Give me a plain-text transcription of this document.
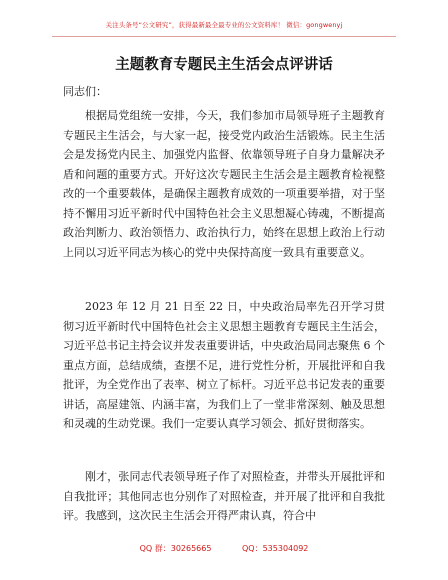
关注头条号“公文研究”，获得最新最全最专业的公文资料库！ 微信：gongwenyj
主题教育专题民主生活会点评讲话
同志们：

根据局党组统一安排，今天，我们参加市局领导班子主题教育专题民主生活会，与大家一起，接受党内政治生活锻炼。民主生活会是发扬党内民主、加强党内监督、依靠领导班子自身力量解决矛盾和问题的重要方式。开好这次专题民主生活会是主题教育检视整改的一个重要载体，是确保主题教育成效的一项重要举措，对于坚持不懈用习近平新时代中国特色社会主义思想凝心铸魂，不断提高政治判断力、政治领悟力、政治执行力，始终在思想上政治上行动上同以习近平同志为核心的党中央保持高度一致具有重要意义。

2023 年 12 月 21 日至 22 日，中央政治局率先召开学习贯彻习近平新时代中国特色社会主义思想主题教育专题民主生活会，习近平总书记主持会议并发表重要讲话，中央政治局同志聚焦 6 个重点方面，总结成绩，查摆不足，进行党性分析，开展批评和自我批评，为全党作出了表率、树立了标杆。习近平总书记发表的重要讲话，高屋建瓴、内涵丰富，为我们上了一堂非常深刻、触及思想和灵魂的生动党课。我们一定要认真学习领会、抓好贯彻落实。

刚才，张同志代表领导班子作了对照检查，并带头开展批评和自我批评；其他同志也分别作了对照检查，并开展了批评和自我批评。我感到，这次民主生活会开得严肃认真，符合中

QQ 群：30265665	QQ：535304092
